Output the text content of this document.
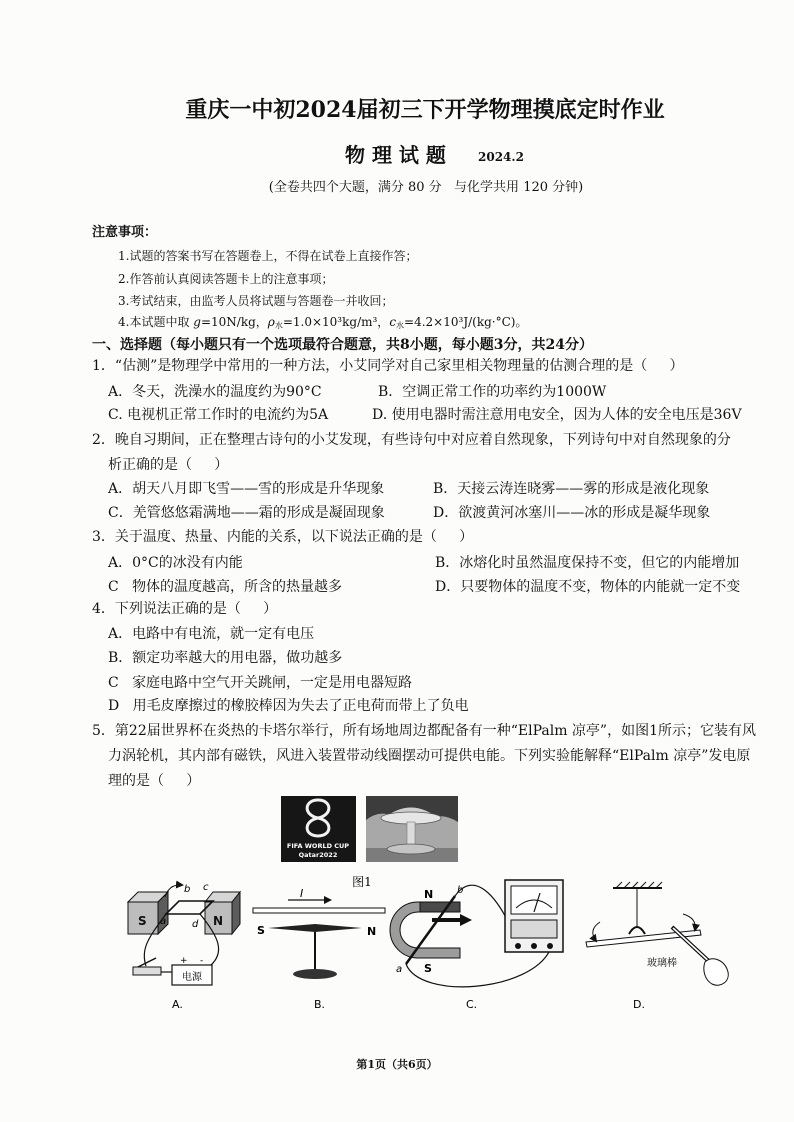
重庆一中初2024届初三下开学物理摸底定时作业
物 理 试 题	2024.2
(全卷共四个大题，满分 80 分   与化学共用 120 分钟)
注意事项：
1.试题的答案书写在答题卷上，不得在试卷上直接作答；
2.作答前认真阅读答题卡上的注意事项；
3.考试结束，由监考人员将试题与答题卷一并收回；
4.本试题中取 g=10N/kg，$\rho_水=1.0\times 10^3kg/m^3$，$c_水=4.2\times 10^3J/(kg\cdot^\circ C)$。
一、选择题（每小题只有一个选项最符合题意，共8小题，每小题3分，共24分）
1．“估测”是物理学中常用的一种方法，小艾同学对自己家里相关物理量的估测合理的是（     ）
A．冬天，洗澡水的温度约为90°C	B．空调正常工作的功率约为1000W
C. 电视机正常工作时的电流约为5A	D. 使用电器时需注意用电安全，因为人体的安全电压是36V
2．晚自习期间，正在整理古诗句的小艾发现，有些诗句中对应着自然现象，下列诗句中对自然现象的分
析正确的是（     ）
A．胡天八月即飞雪——雪的形成是升华现象	B．天接云涛连晓雾——雾的形成是液化现象
C．羌管悠悠霜满地——霜的形成是凝固现象	D．欲渡黄河冰塞川——冰的形成是凝华现象
3．关于温度、热量、内能的关系，以下说法正确的是（     ）
A．0°C的冰没有内能	B．冰熔化时虽然温度保持不变，但它的内能增加
C   物体的温度越高，所含的热量越多	D．只要物体的温度不变，物体的内能就一定不变
4．下列说法正确的是（     ）
A．电路中有电流，就一定有电压
B．额定功率越大的用电器，做功越多
C   家庭电路中空气开关跳闸，一定是用电器短路
D   用毛皮摩擦过的橡胶棒因为失去了正电荷而带上了负电
5．第22届世界杯在炎热的卡塔尔举行，所有场地周边都配备有一种“ElPalm 凉亭”，如图1所示；它装有风
力涡轮机，其内部有磁铁，风进入装置带动线圈摆动可提供电能。下列实验能解释“ElPalm 凉亭”发电原
理的是（     ）
FIFA WORLD CUP
Qatar2022
图1
S	N
b c
a	d
+ -
电源
I
S	N
N
S
b
a
玻璃棒
A.	B.	C.	D.
第1页（共6页）
